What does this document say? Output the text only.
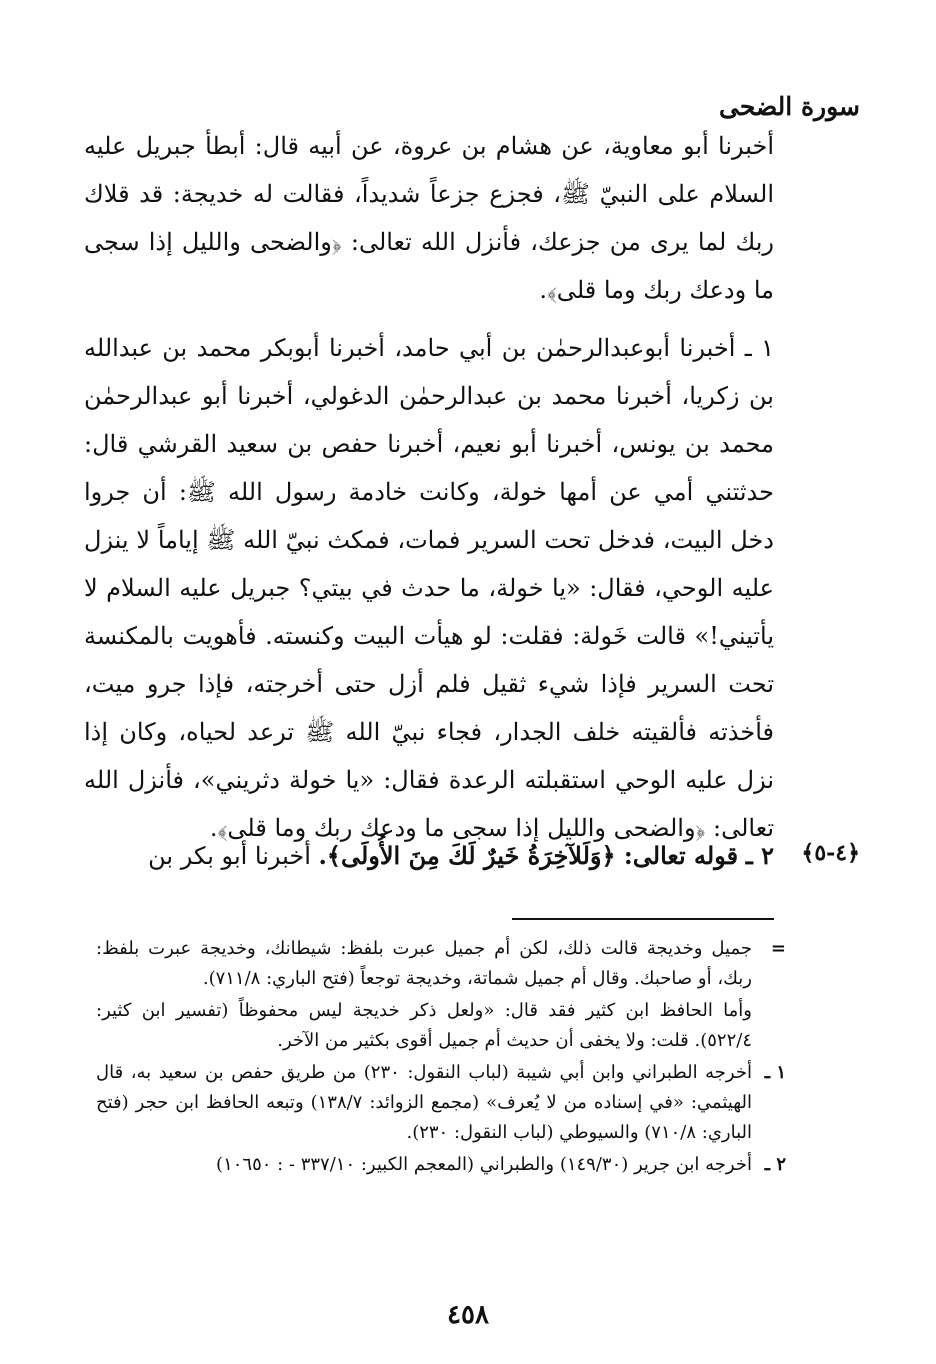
سورة الضحى

أخبرنا أبو معاوية، عن هشام بن عروة، عن أبيه قال: أبطأ جبريل عليه السلام على النبيّ ﷺ، فجزع جزعاً شديداً، فقالت له خديجة: قد قلاك ربك لما يرى من جزعك، فأنزل الله تعالى: ﴿والضحى والليل إذا سجى ما ودعك ربك وما قلى﴾.

١ ـ أخبرنا أبوعبدالرحمٰن بن أبي حامد، أخبرنا أبوبكر محمد بن عبدالله بن زكريا، أخبرنا محمد بن عبدالرحمٰن الدغولي، أخبرنا أبو عبدالرحمٰن محمد بن يونس، أخبرنا أبو نعيم، أخبرنا حفص بن سعيد القرشي قال: حدثتني أمي عن أمها خولة، وكانت خادمة رسول الله ﷺ: أن جروا دخل البيت، فدخل تحت السرير فمات، فمكث نبيّ الله ﷺ إياماً لا ينزل عليه الوحي، فقال: «يا خولة، ما حدث في بيتي؟ جبريل عليه السلام لا يأتيني!» قالت خَولة: فقلت: لو هيأت البيت وكنسته. فأهويت بالمكنسة تحت السرير فإذا شيء ثقيل فلم أزل حتى أخرجته، فإذا جرو ميت، فأخذته فألقيته خلف الجدار، فجاء نبيّ الله ﷺ ترعد لحياه، وكان إذا نزل عليه الوحي استقبلته الرعدة فقال: «يا خولة دثريني»، فأنزل الله تعالى: ﴿والضحى والليل إذا سجى ما ودعك ربك وما قلى﴾.

٢ ـ قوله تعالى: ﴿وَلَلآخِرَةُ خَيرٌ لَكَ مِنَ الأُولَى﴾. أخبرنا أبو بكر بن	﴿٤-٥﴾
=
جميل وخديجة قالت ذلك، لكن أم جميل عبرت بلفظ: شيطانك، وخديجة عبرت بلفظ: ربك، أو صاحبك. وقال أم جميل شماتة، وخديجة توجعاً (فتح الباري: ٧١١/٨).
وأما الحافظ ابن كثير فقد قال: «ولعل ذكر خديجة ليس محفوظاً (تفسير ابن كثير: ٥٢٢/٤). قلت: ولا يخفى أن حديث أم جميل أقوى بكثير من الآخر.
١ ـ
أخرجه الطبراني وابن أبي شيبة (لباب النقول: ٢٣٠) من طريق حفص بن سعيد به، قال الهيثمي: «في إسناده من لا يُعرف» (مجمع الزوائد: ١٣٨/٧) وتبعه الحافظ ابن حجر (فتح الباري: ٧١٠/٨) والسيوطي (لباب النقول: ٢٣٠).
٢ ـ
أخرجه ابن جرير (١٤٩/٣٠) والطبراني (المعجم الكبير: ٣٣٧/١٠ - : ١٠٦٥٠)
٤٥٨
